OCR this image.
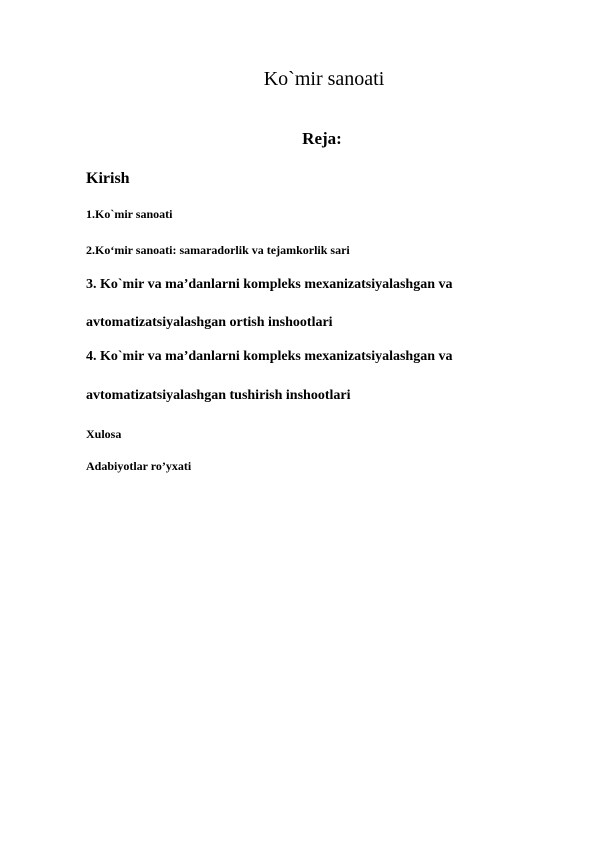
Ko`mir sanoati
Reja:

Kirish

1.Ko`mir sanoati

2.Ko‘mir sanoati: samaradorlik va tejamkorlik sari

3. Ko`mir va ma’danlarni kompleks mexanizatsiyalashgan va

avtomatizatsiyalashgan ortish inshootlari

4. Ko`mir va ma’danlarni kompleks mexanizatsiyalashgan va

avtomatizatsiyalashgan tushirish inshootlari

Xulosa

Adabiyotlar ro’yxati
